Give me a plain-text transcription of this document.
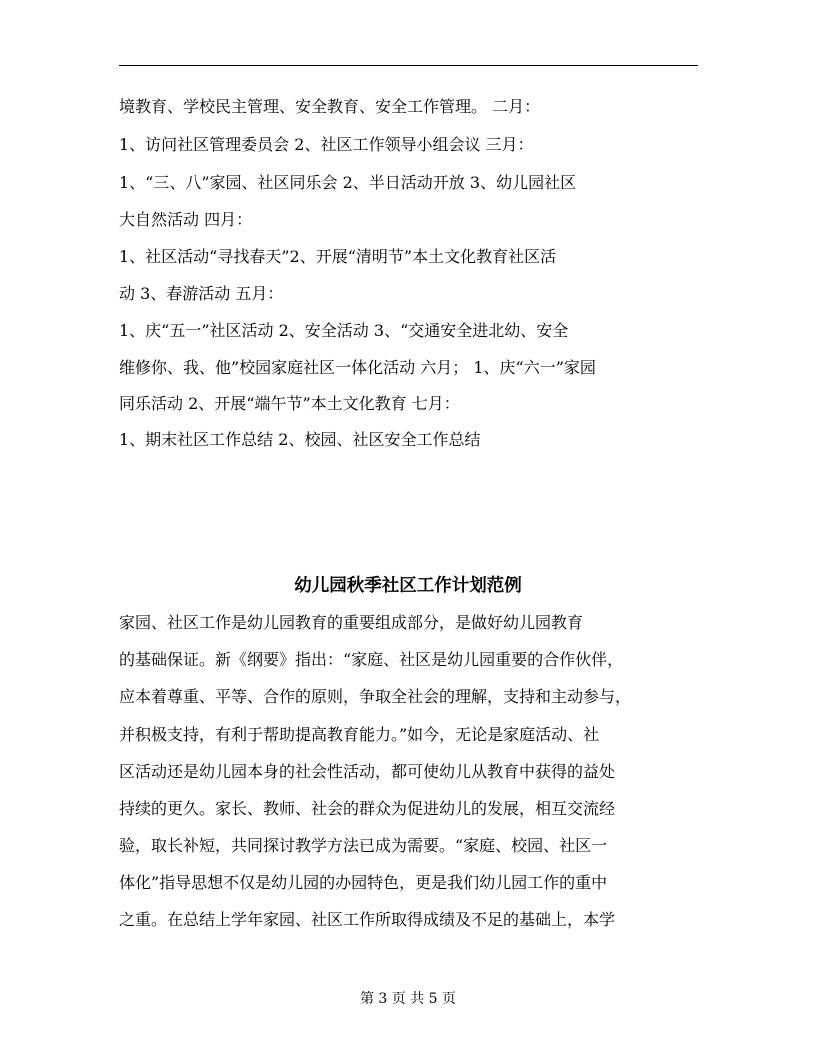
境教育、学校民主管理、安全教育、安全工作管理。 二月：
1、访问社区管理委员会 2、社区工作领导小组会议 三月：
1、“三、八”家园、社区同乐会 2、半日活动开放 3、幼儿园社区
大自然活动 四月：
1、社区活动“寻找春天”2、开展“清明节”本土文化教育社区活
动 3、春游活动 五月：
1、庆“五一”社区活动 2、安全活动 3、“交通安全进北幼、安全
维修你、我、他”校园家庭社区一体化活动 六月； 1、庆“六一”家园
同乐活动 2、开展“端午节”本土文化教育 七月：
1、期末社区工作总结 2、校园、社区安全工作总结
幼儿园秋季社区工作计划范例
家园、社区工作是幼儿园教育的重要组成部分，是做好幼儿园教育
的基础保证。新《纲要》指出：“家庭、社区是幼儿园重要的合作伙伴，
应本着尊重、平等、合作的原则，争取全社会的理解，支持和主动参与，
并积极支持，有利于帮助提高教育能力。”如今，无论是家庭活动、社
区活动还是幼儿园本身的社会性活动，都可使幼儿从教育中获得的益处
持续的更久。家长、教师、社会的群众为促进幼儿的发展，相互交流经
验，取长补短，共同探讨教学方法已成为需要。“家庭、校园、社区一
体化”指导思想不仅是幼儿园的办园特色，更是我们幼儿园工作的重中
之重。在总结上学年家园、社区工作所取得成绩及不足的基础上，本学
第 3 页 共 5 页
